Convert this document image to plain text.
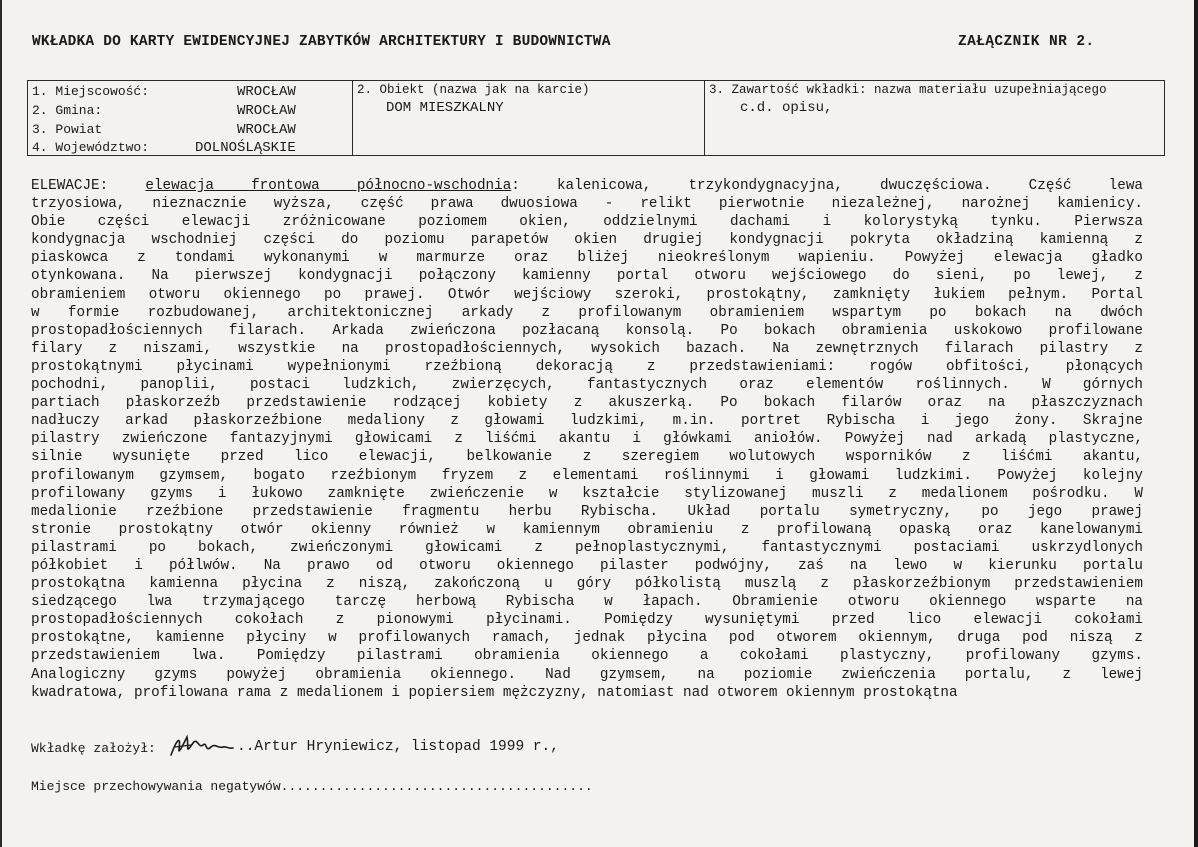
WKŁADKA DO KARTY EWIDENCYJNEJ ZABYTKÓW ARCHITEKTURY I BUDOWNICTWA	ZAŁĄCZNIK NR 2.
1. Miejscowość:	WROCŁAW
2. Gmina:	WROCŁAW
3. Powiat	WROCŁAW
4. Województwo:	DOLNOŚLĄSKIE
2. Obiekt (nazwa jak na karcie)
DOM MIESZKALNY
3. Zawartość wkładki: nazwa materiału uzupełniającego
c.d. opisu,
ELEWACJE: elewacja frontowa północno-wschodnia: kalenicowa, trzykondygnacyjna, dwuczęściowa. Część lewa
trzyosiowa, nieznacznie wyższa, część prawa dwuosiowa - relikt pierwotnie niezależnej, narożnej kamienicy.
Obie części elewacji zróżnicowane poziomem okien, oddzielnymi dachami i kolorystyką tynku. Pierwsza
kondygnacja wschodniej części do poziomu parapetów okien drugiej kondygnacji pokryta okładziną kamienną z
piaskowca z tondami wykonanymi w marmurze oraz bliżej nieokreślonym wapieniu. Powyżej elewacja gładko
otynkowana. Na pierwszej kondygnacji połączony kamienny portal otworu wejściowego do sieni, po lewej, z
obramieniem otworu okiennego po prawej. Otwór wejściowy szeroki, prostokątny, zamknięty łukiem pełnym. Portal
w formie rozbudowanej, architektonicznej arkady z profilowanym obramieniem wspartym po bokach na dwóch
prostopadłościennych filarach. Arkada zwieńczona pozłacaną konsolą. Po bokach obramienia uskokowo profilowane
filary z niszami, wszystkie na prostopadłościennych, wysokich bazach. Na zewnętrznych filarach pilastry z
prostokątnymi płycinami wypełnionymi rzeźbioną dekoracją z przedstawieniami: rogów obfitości, płonących
pochodni, panoplii, postaci ludzkich, zwierzęcych, fantastycznych oraz elementów roślinnych. W górnych
partiach płaskorzeźb przedstawienie rodzącej kobiety z akuszerką. Po bokach filarów oraz na płaszczyznach
nadłuczy arkad płaskorzeźbione medaliony z głowami ludzkimi, m.in. portret Rybischa i jego żony. Skrajne
pilastry zwieńczone fantazyjnymi głowicami z liśćmi akantu i główkami aniołów. Powyżej nad arkadą plastyczne,
silnie wysunięte przed lico elewacji, belkowanie z szeregiem wolutowych wsporników z liśćmi akantu,
profilowanym gzymsem, bogato rzeźbionym fryzem z elementami roślinnymi i głowami ludzkimi. Powyżej kolejny
profilowany gzyms i łukowo zamknięte zwieńczenie w kształcie stylizowanej muszli z medalionem pośrodku. W
medalionie rzeźbione przedstawienie fragmentu herbu Rybischa. Układ portalu symetryczny, po jego prawej
stronie prostokątny otwór okienny również w kamiennym obramieniu z profilowaną opaską oraz kanelowanymi
pilastrami po bokach, zwieńczonymi głowicami z pełnoplastycznymi, fantastycznymi postaciami uskrzydlonych
półkobiet i półlwów. Na prawo od otworu okiennego pilaster podwójny, zaś na lewo w kierunku portalu
prostokątna kamienna płycina z niszą, zakończoną u góry półkolistą muszlą z płaskorzeźbionym przedstawieniem
siedzącego lwa trzymającego tarczę herbową Rybischa w łapach. Obramienie otworu okiennego wsparte na
prostopadłościennych cokołach z pionowymi płycinami. Pomiędzy wysuniętymi przed lico elewacji cokołami
prostokątne, kamienne płyciny w profilowanych ramach, jednak płycina pod otworem okiennym, druga pod niszą z
przedstawieniem lwa. Pomiędzy pilastrami obramienia okiennego a cokołami plastyczny, profilowany gzyms.
Analogiczny gzyms powyżej obramienia okiennego. Nad gzymsem, na poziomie zwieńczenia portalu, z lewej
kwadratowa, profilowana rama z medalionem i popiersiem mężczyzny, natomiast nad otworem okiennym prostokątna
Wkładkę założył:	..Artur Hryniewicz, listopad 1999 r.,
Miejsce przechowywania negatywów........................................
